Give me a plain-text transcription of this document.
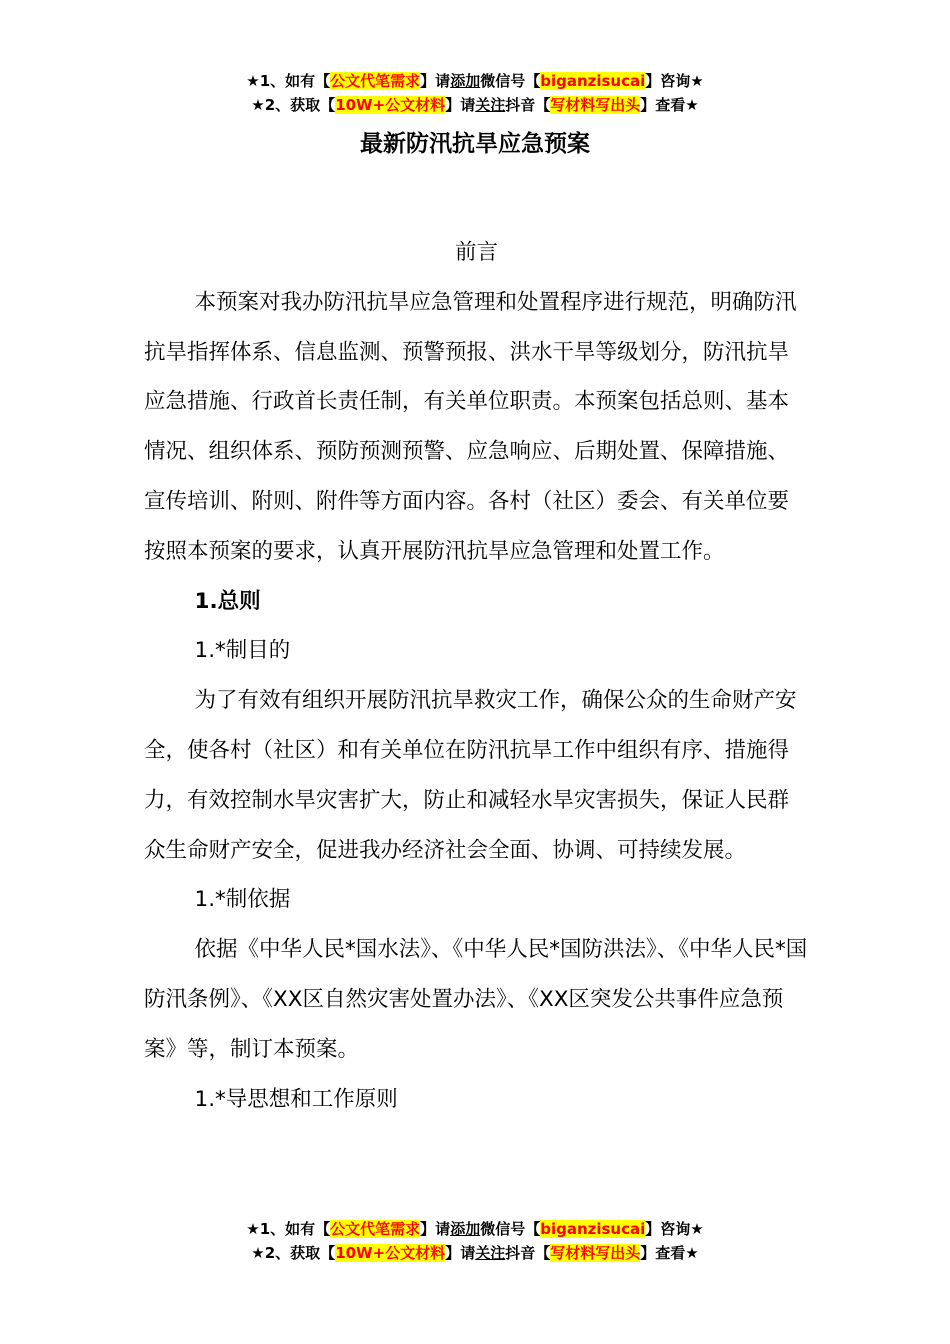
★1、如有【公文代笔需求】请添加微信号【biganzisucai】咨询★
★2、获取【10W+公文材料】请关注抖音【写材料写出头】查看★
最新防汛抗旱应急预案

前言

本预案对我办防汛抗旱应急管理和处置程序进行规范，明确防汛抗旱指挥体系、信息监测、预警预报、洪水干旱等级划分，防汛抗旱应急措施、行政首长责任制，有关单位职责。本预案包括总则、基本情况、组织体系、预防预测预警、应急响应、后期处置、保障措施、宣传培训、附则、附件等方面内容。各村（社区）委会、有关单位要按照本预案的要求，认真开展防汛抗旱应急管理和处置工作。

1.总则

1.*制目的

为了有效有组织开展防汛抗旱救灾工作，确保公众的生命财产安全，使各村（社区）和有关单位在防汛抗旱工作中组织有序、措施得力，有效控制水旱灾害扩大，防止和减轻水旱灾害损失，保证人民群众生命财产安全，促进我办经济社会全面、协调、可持续发展。

1.*制依据

依据《中华人民*国水法》、《中华人民*国防洪法》、《中华人民*国防汛条例》、《XX区自然灾害处置办法》、《XX区突发公共事件应急预案》等，制订本预案。

1.*导思想和工作原则

★1、如有【公文代笔需求】请添加微信号【biganzisucai】咨询★
★2、获取【10W+公文材料】请关注抖音【写材料写出头】查看★
